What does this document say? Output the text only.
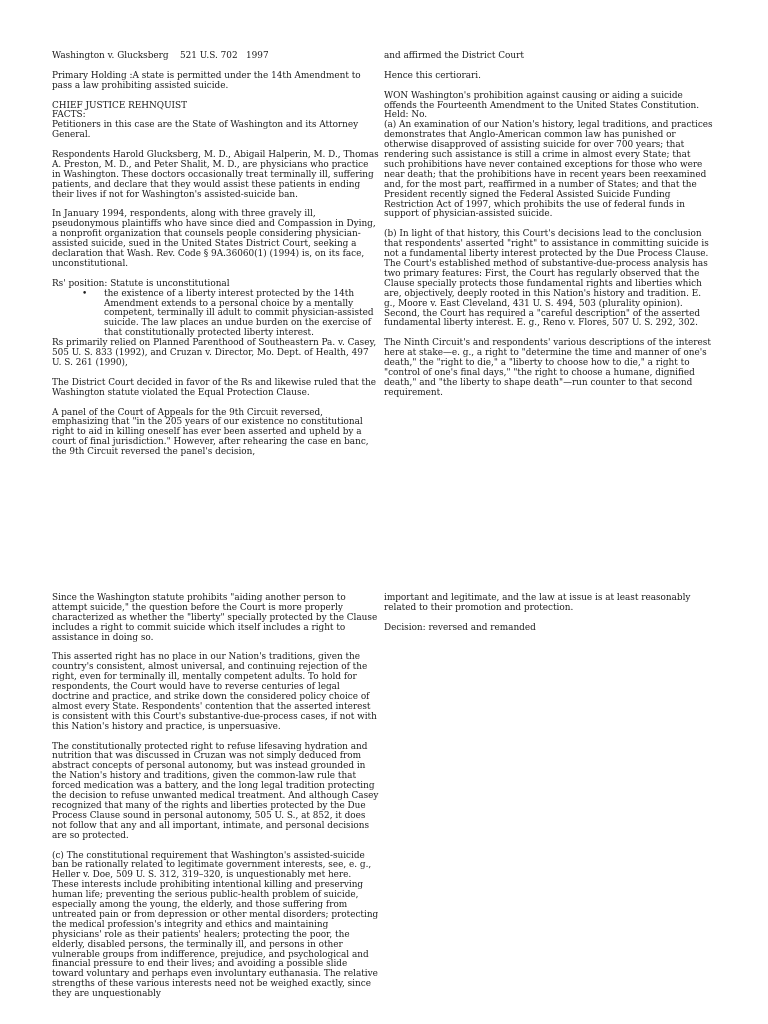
Washington v. Glucksberg 521 U.S. 702 1997

Primary Holding :A state is permitted under the 14th Amendment to pass a law prohibiting assisted suicide.

CHIEF JUSTICE REHNQUIST

FACTS:

Petitioners in this case are the State of Washington and its Attorney General.

Respondents Harold Glucksberg, M. D., Abigail Halperin, M. D., Thomas A. Preston, M. D., and Peter Shalit, M. D., are physicians who practice in Washington. These doctors occasionally treat terminally ill, suffering patients, and declare that they would assist these patients in ending their lives if not for Washington's assisted-suicide ban.

In January 1994, respondents, along with three gravely ill, pseudonymous plaintiffs who have since died and Compassion in Dying, a nonprofit organization that counsels people considering physician-assisted suicide, sued in the United States District Court, seeking a declaration that Wash. Rev. Code § 9A.36060(1) (1994) is, on its face, unconstitutional.

Rs' position: Statute is unconstitutional

• the existence of a liberty interest protected by the 14th Amendment extends to a personal choice by a mentally competent, terminally ill adult to commit physician-assisted suicide. The law places an undue burden on the exercise of that constitutionally protected liberty interest.

Rs primarily relied on Planned Parenthood of Southeastern Pa. v. Casey, 505 U. S. 833 (1992), and Cruzan v. Director, Mo. Dept. of Health, 497 U. S. 261 (1990),

The District Court decided in favor of the Rs and likewise ruled that the Washington statute violated the Equal Protection Clause.

A panel of the Court of Appeals for the 9th Circuit reversed, emphasizing that "in the 205 years of our existence no constitutional right to aid in killing oneself has ever been asserted and upheld by a court of final jurisdiction." However, after rehearing the case en banc, the 9th Circuit reversed the panel's decision,

and affirmed the District Court

Hence this certiorari.

WON Washington's prohibition against causing or aiding a suicide offends the Fourteenth Amendment to the United States Constitution.

Held: No.

(a) An examination of our Nation's history, legal traditions, and practices demonstrates that Anglo-American common law has punished or otherwise disapproved of assisting suicide for over 700 years; that rendering such assistance is still a crime in almost every State; that such prohibitions have never contained exceptions for those who were near death; that the prohibitions have in recent years been reexamined and, for the most part, reaffirmed in a number of States; and that the President recently signed the Federal Assisted Suicide Funding Restriction Act of 1997, which prohibits the use of federal funds in support of physician-assisted suicide.

(b) In light of that history, this Court's decisions lead to the conclusion that respondents' asserted "right" to assistance in committing suicide is not a fundamental liberty interest protected by the Due Process Clause. The Court's established method of substantive-due-process analysis has two primary features: First, the Court has regularly observed that the Clause specially protects those fundamental rights and liberties which are, objectively, deeply rooted in this Nation's history and tradition. E. g., Moore v. East Cleveland, 431 U. S. 494, 503 (plurality opinion). Second, the Court has required a "careful description" of the asserted fundamental liberty interest. E. g., Reno v. Flores, 507 U. S. 292, 302.

The Ninth Circuit's and respondents' various descriptions of the interest here at stake—e. g., a right to "determine the time and manner of one's death," the "right to die," a "liberty to choose how to die," a right to "control of one's final days," "the right to choose a humane, dignified death," and "the liberty to shape death"—run counter to that second requirement.

Since the Washington statute prohibits "aiding another person to attempt suicide," the question before the Court is more properly characterized as whether the "liberty" specially protected by the Clause includes a right to commit suicide which itself includes a right to assistance in doing so.

This asserted right has no place in our Nation's traditions, given the country's consistent, almost universal, and continuing rejection of the right, even for terminally ill, mentally competent adults. To hold for respondents, the Court would have to reverse centuries of legal doctrine and practice, and strike down the considered policy choice of almost every State. Respondents' contention that the asserted interest is consistent with this Court's substantive-due-process cases, if not with this Nation's history and practice, is unpersuasive.

The constitutionally protected right to refuse lifesaving hydration and nutrition that was discussed in Cruzan was not simply deduced from abstract concepts of personal autonomy, but was instead grounded in the Nation's history and traditions, given the common-law rule that forced medication was a battery, and the long legal tradition protecting the decision to refuse unwanted medical treatment. And although Casey recognized that many of the rights and liberties protected by the Due Process Clause sound in personal autonomy, 505 U. S., at 852, it does not follow that any and all important, intimate, and personal decisions are so protected.

(c) The constitutional requirement that Washington's assisted-suicide ban be rationally related to legitimate government interests, see, e. g., Heller v. Doe, 509 U. S. 312, 319–320, is unquestionably met here. These interests include prohibiting intentional killing and preserving human life; preventing the serious public-health problem of suicide, especially among the young, the elderly, and those suffering from untreated pain or from depression or other mental disorders; protecting the medical profession's integrity and ethics and maintaining physicians' role as their patients' healers; protecting the poor, the elderly, disabled persons, the terminally ill, and persons in other vulnerable groups from indifference, prejudice, and psychological and financial pressure to end their lives; and avoiding a possible slide toward voluntary and perhaps even involuntary euthanasia. The relative strengths of these various interests need not be weighed exactly, since they are unquestionably

important and legitimate, and the law at issue is at least reasonably related to their promotion and protection.

Decision: reversed and remanded
